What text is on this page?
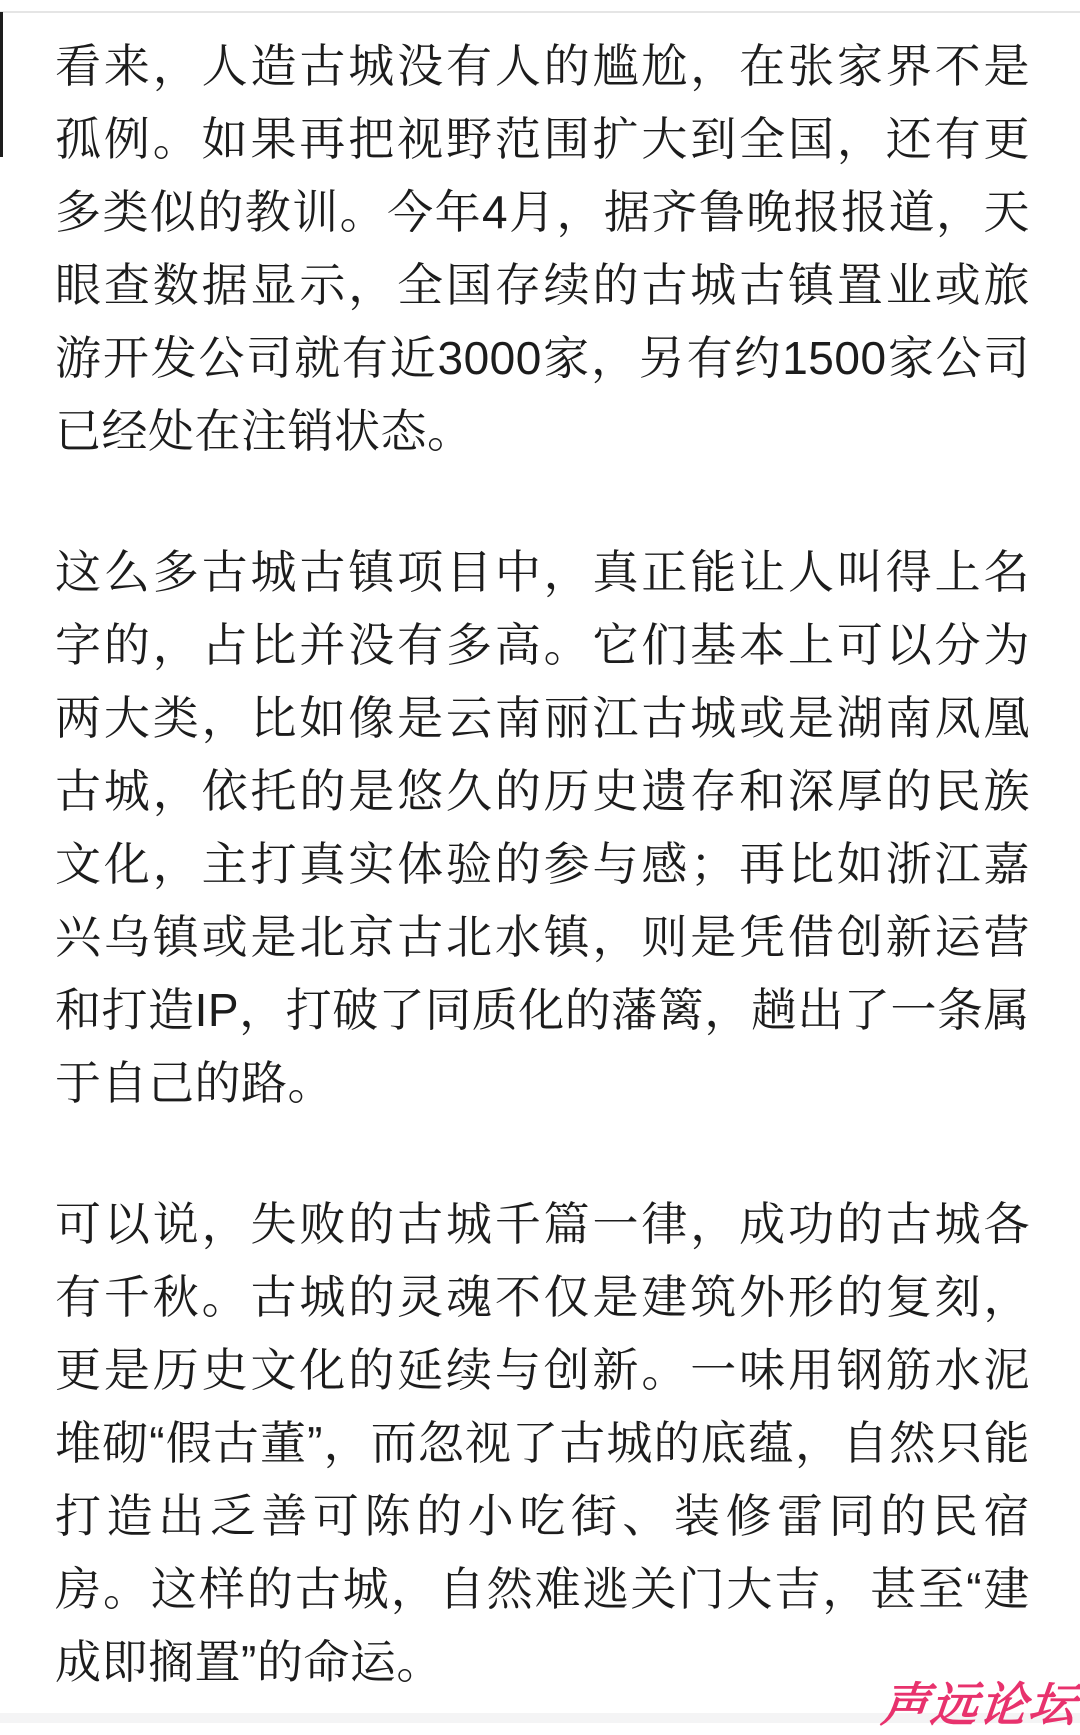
看来，人造古城没有人的尴尬，在张家界不是孤例。如果再把视野范围扩大到全国，还有更多类似的教训。今年4月，据齐鲁晚报报道，天眼查数据显示，全国存续的古城古镇置业或旅游开发公司就有近3000家，另有约1500家公司已经处在注销状态。

这么多古城古镇项目中，真正能让人叫得上名字的，占比并没有多高。它们基本上可以分为两大类，比如像是云南丽江古城或是湖南凤凰古城，依托的是悠久的历史遗存和深厚的民族文化，主打真实体验的参与感；再比如浙江嘉兴乌镇或是北京古北水镇，则是凭借创新运营和打造IP，打破了同质化的藩篱，趟出了一条属于自己的路。

可以说，失败的古城千篇一律，成功的古城各有千秋。古城的灵魂不仅是建筑外形的复刻，更是历史文化的延续与创新。一味用钢筋水泥堆砌“假古董”，而忽视了古城的底蕴，自然只能打造出乏善可陈的小吃街、装修雷同的民宿房。这样的古城，自然难逃关门大吉，甚至“建成即搁置”的命运。

声远论坛
